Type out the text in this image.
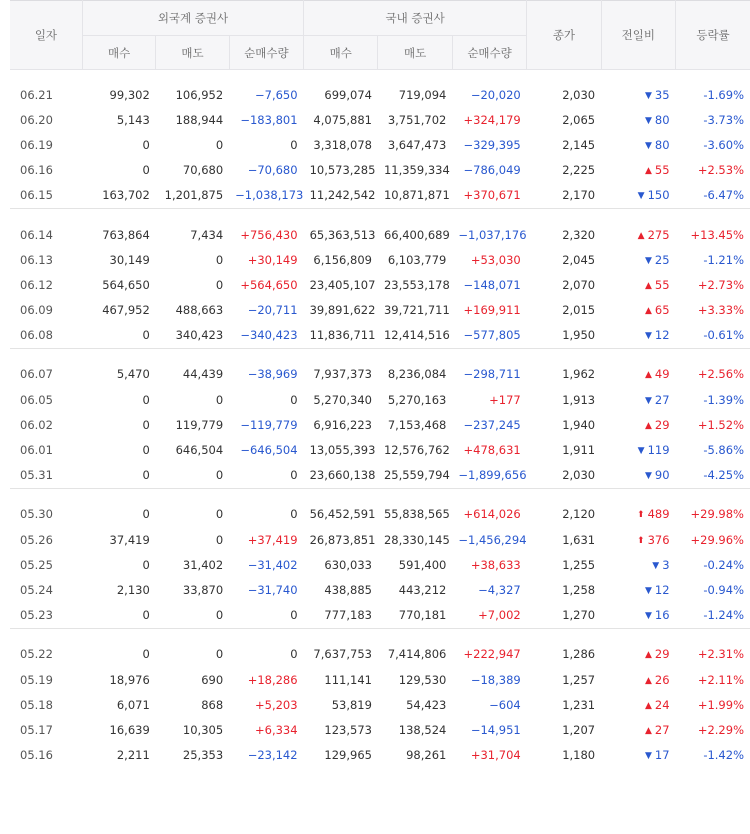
일자	외국계 증권사			국내 증권사			종가	전일비	등락률
	매수	매도	순매수량	매수	매도	순매수량			

06.21	99,302	106,952	−7,650	699,074	719,094	−20,020	2,030	▼ 35	-1.69%
06.20	5,143	188,944	−183,801	4,075,881	3,751,702	+324,179	2,065	▼ 80	-3.73%
06.19	0	0	0	3,318,078	3,647,473	−329,395	2,145	▼ 80	-3.60%
06.16	0	70,680	−70,680	10,573,285	11,359,334	−786,049	2,225	▲ 55	+2.53%
06.15	163,702	1,201,875	−1,038,173	11,242,542	10,871,871	+370,671	2,170	▼ 150	-6.47%

06.14	763,864	7,434	+756,430	65,363,513	66,400,689	−1,037,176	2,320	▲ 275	+13.45%
06.13	30,149	0	+30,149	6,156,809	6,103,779	+53,030	2,045	▼ 25	-1.21%
06.12	564,650	0	+564,650	23,405,107	23,553,178	−148,071	2,070	▲ 55	+2.73%
06.09	467,952	488,663	−20,711	39,891,622	39,721,711	+169,911	2,015	▲ 65	+3.33%
06.08	0	340,423	−340,423	11,836,711	12,414,516	−577,805	1,950	▼ 12	-0.61%

06.07	5,470	44,439	−38,969	7,937,373	8,236,084	−298,711	1,962	▲ 49	+2.56%
06.05	0	0	0	5,270,340	5,270,163	+177	1,913	▼ 27	-1.39%
06.02	0	119,779	−119,779	6,916,223	7,153,468	−237,245	1,940	▲ 29	+1.52%
06.01	0	646,504	−646,504	13,055,393	12,576,762	+478,631	1,911	▼ 119	-5.86%
05.31	0	0	0	23,660,138	25,559,794	−1,899,656	2,030	▼ 90	-4.25%

05.30	0	0	0	56,452,591	55,838,565	+614,026	2,120	⬆ 489	+29.98%
05.26	37,419	0	+37,419	26,873,851	28,330,145	−1,456,294	1,631	⬆ 376	+29.96%
05.25	0	31,402	−31,402	630,033	591,400	+38,633	1,255	▼ 3	-0.24%
05.24	2,130	33,870	−31,740	438,885	443,212	−4,327	1,258	▼ 12	-0.94%
05.23	0	0	0	777,183	770,181	+7,002	1,270	▼ 16	-1.24%

05.22	0	0	0	7,637,753	7,414,806	+222,947	1,286	▲ 29	+2.31%
05.19	18,976	690	+18,286	111,141	129,530	−18,389	1,257	▲ 26	+2.11%
05.18	6,071	868	+5,203	53,819	54,423	−604	1,231	▲ 24	+1.99%
05.17	16,639	10,305	+6,334	123,573	138,524	−14,951	1,207	▲ 27	+2.29%
05.16	2,211	25,353	−23,142	129,965	98,261	+31,704	1,180	▼ 17	-1.42%
